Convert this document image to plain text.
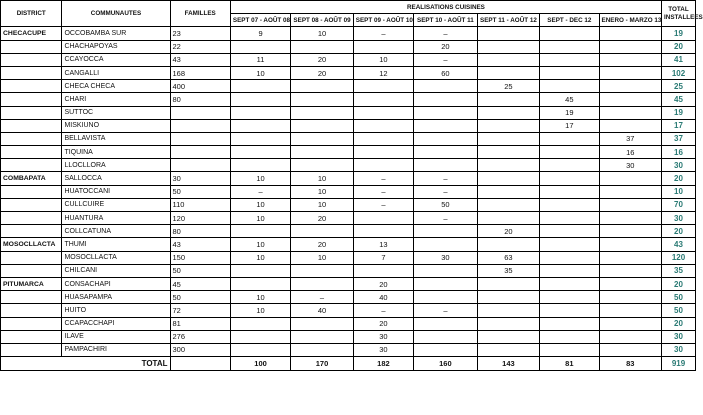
DISTRICT	COMMUNAUTES	FAMILLES	REALISATIONS CUISINES							TOTAL INSTALLEES
			SEPT 07 - AOÛT 08	SEPT 08 - AOÛT 09	SEPT 09 - AOÛT 10	SEPT 10 - AOÛT 11	SEPT 11 - AOÛT 12	SEPT - DEC 12	ENERO - MARZO 13	
CHECACUPE	OCCOBAMBA SUR	23	9	10	–	–				19
	CHACHAPOYAS	22				20				20
	CCAYOCCA	43	11	20	10	–				41
	CANGALLI	168	10	20	12	60				102
	CHECA CHECA	400					25			25
	CHARI	80						45		45
	SUTTOC							19		19
	MISKIUNO							17		17
	BELLAVISTA								37	37
	TIQUINA								16	16
	LLOCLLORA								30	30
COMBAPATA	SALLOCCA	30	10	10	–	–				20
	HUATOCCANI	50	–	10	–	–				10
	CULLCUIRE	110	10	10	–	50				70
	HUANTURA	120	10	20		–				30
	COLLCATUNA	80					20			20
MOSOCLLACTA	THUMI	43	10	20	13					43
	MOSOCLLACTA	150	10	10	7	30	63			120
	CHILCANI	50					35			35
PITUMARCA	CONSACHAPI	45			20					20
	HUASAPAMPA	50	10	–	40					50
	HUITO	72	10	40	–	–				50
	CCAPACCHAPI	81			20					20
	ILAVE	276			30					30
	PAMPACHIRI	300			30					30
TOTAL			100	170	182	160	143	81	83	919
